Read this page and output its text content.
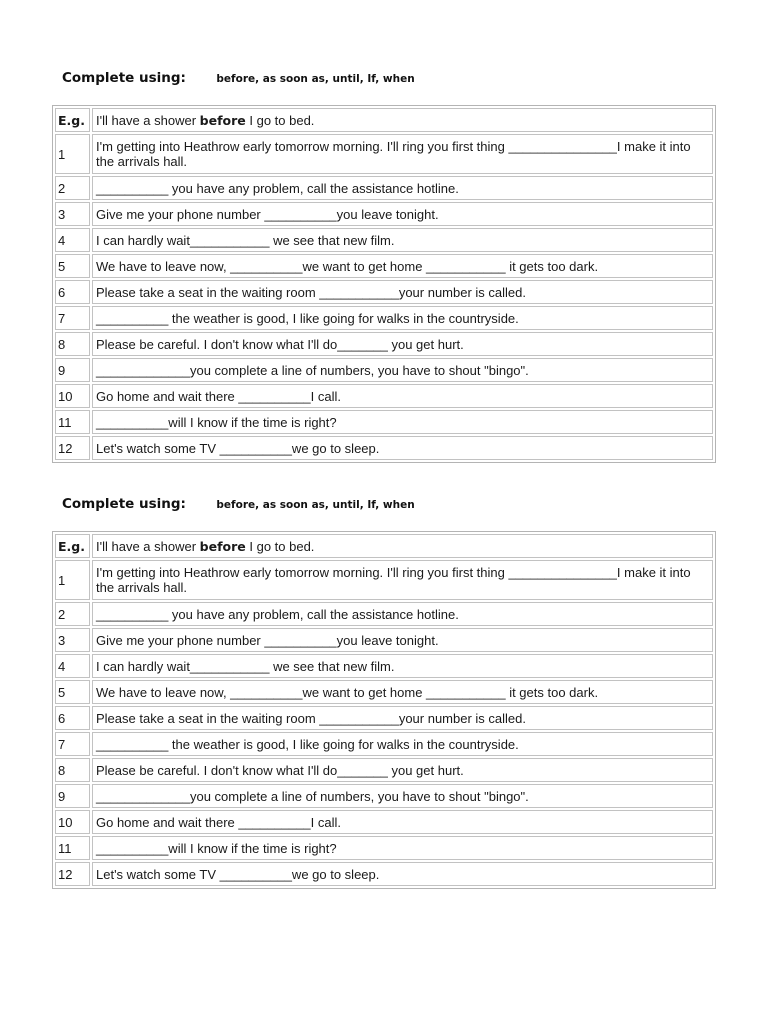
Complete using:	before, as soon as, until, If, when
E.g.	I'll have a shower before I go to bed.
1	I'm getting into Heathrow early tomorrow morning. I'll ring you first thing _______________I make it into the arrivals hall.
2	__________ you have any problem, call the assistance hotline.
3	Give me your phone number __________you leave tonight.
4	I can hardly wait___________ we see that new film.
5	We have to leave now, __________we want to get home ___________ it gets too dark.
6	Please take a seat in the waiting room ___________your number is called.
7	__________ the weather is good, I like going for walks in the countryside.
8	Please be careful. I don't know what I'll do_______ you get hurt.
9	_____________you complete a line of numbers, you have to shout "bingo".
10	Go home and wait there __________I call.
11	__________will I know if the time is right?
12	Let's watch some TV __________we go to sleep.
Complete using:	before, as soon as, until, If, when
E.g.	I'll have a shower before I go to bed.
1	I'm getting into Heathrow early tomorrow morning. I'll ring you first thing _______________I make it into the arrivals hall.
2	__________ you have any problem, call the assistance hotline.
3	Give me your phone number __________you leave tonight.
4	I can hardly wait___________ we see that new film.
5	We have to leave now, __________we want to get home ___________ it gets too dark.
6	Please take a seat in the waiting room ___________your number is called.
7	__________ the weather is good, I like going for walks in the countryside.
8	Please be careful. I don't know what I'll do_______ you get hurt.
9	_____________you complete a line of numbers, you have to shout "bingo".
10	Go home and wait there __________I call.
11	__________will I know if the time is right?
12	Let's watch some TV __________we go to sleep.
